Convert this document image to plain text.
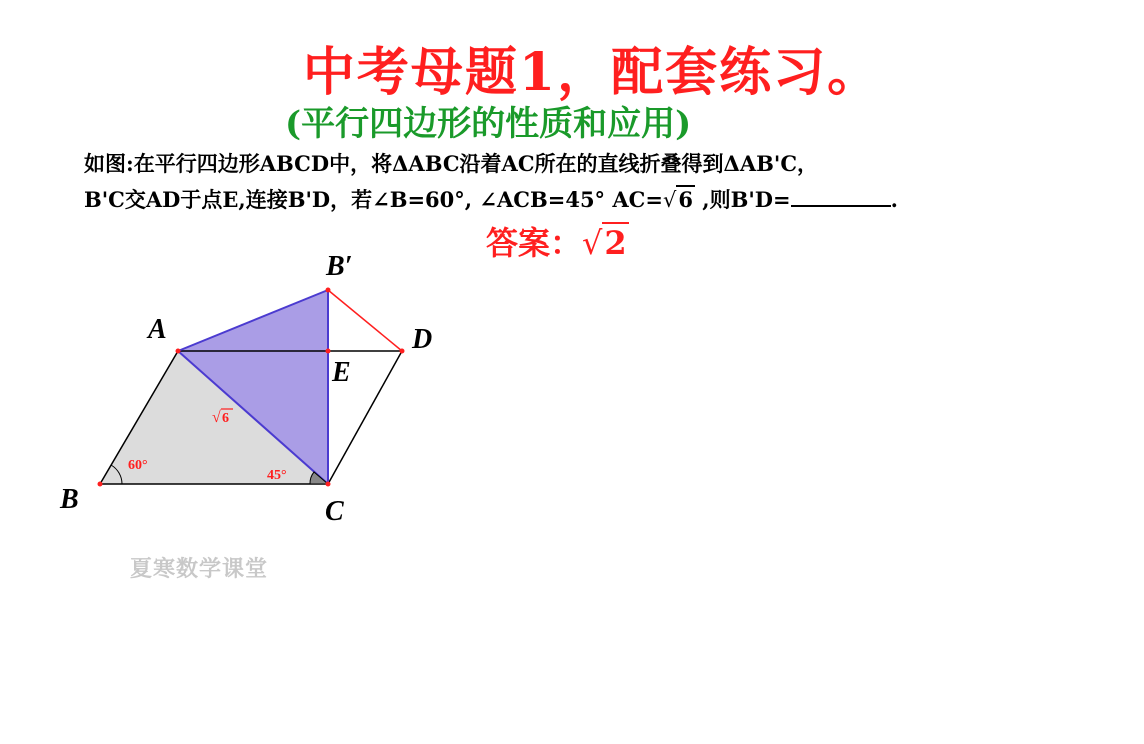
中考母题1，配套练习。
(平行四边形的性质和应用)
如图:在平行四边形ABCD中，将ΔABC沿着AC所在的直线折叠得到ΔAB'C，
B'C交AD于点E,连接B'D，若∠B=60°, ∠ACB=45° AC=√6 ,则B'D=	.
答案：√2
A
B	C
D
E
B′
60°
45°
√ 6
夏寒数学课堂
